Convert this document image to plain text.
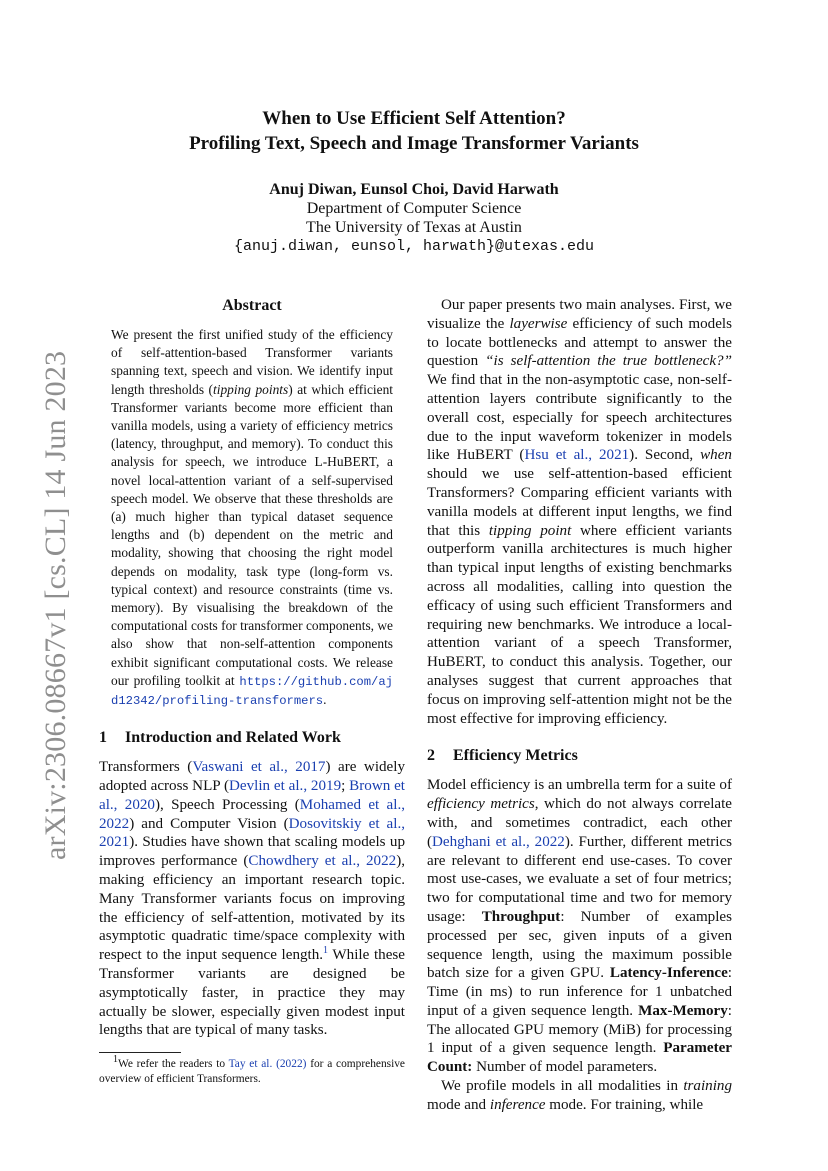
arXiv:2306.08667v1 [cs.CL] 14 Jun 2023
When to Use Efficient Self Attention?
Profiling Text, Speech and Image Transformer Variants
Anuj Diwan, Eunsol Choi, David Harwath
Department of Computer Science
The University of Texas at Austin
{anuj.diwan, eunsol, harwath}@utexas.edu
Abstract

We present the first unified study of the efficiency of self-attention-based Transformer variants spanning text, speech and vision. We identify input length thresholds (tipping points) at which efficient Transformer variants become more efficient than vanilla models, using a variety of efficiency metrics (latency, throughput, and memory). To conduct this analysis for speech, we introduce L-HuBERT, a novel local-attention variant of a self-supervised speech model. We observe that these thresholds are (a) much higher than typical dataset sequence lengths and (b) dependent on the metric and modality, showing that choosing the right model depends on modality, task type (long-form vs. typical context) and resource constraints (time vs. memory). By visualising the breakdown of the computational costs for transformer components, we also show that non-self-attention components exhibit significant computational costs. We release our profiling toolkit at https://github.com/ajd12342/profiling-transformers.

1 Introduction and Related Work

Transformers (Vaswani et al., 2017) are widely adopted across NLP (Devlin et al., 2019; Brown et al., 2020), Speech Processing (Mohamed et al., 2022) and Computer Vision (Dosovitskiy et al., 2021). Studies have shown that scaling models up improves performance (Chowdhery et al., 2022), making efficiency an important research topic. Many Transformer variants focus on improving the efficiency of self-attention, motivated by its asymptotic quadratic time/space complexity with respect to the input sequence length.$^1$ While these Transformer variants are designed be asymptotically faster, in practice they may actually be slower, especially given modest input lengths that are typical of many tasks.

$^1$We refer the readers to Tay et al. (2022) for a comprehensive overview of efficient Transformers.

Our paper presents two main analyses. First, we visualize the layerwise efficiency of such models to locate bottlenecks and attempt to answer the question “is self-attention the true bottleneck?” We find that in the non-asymptotic case, non-self-attention layers contribute significantly to the overall cost, especially for speech architectures due to the input waveform tokenizer in models like HuBERT (Hsu et al., 2021). Second, when should we use self-attention-based efficient Transformers? Comparing efficient variants with vanilla models at different input lengths, we find that this tipping point where efficient variants outperform vanilla architectures is much higher than typical input lengths of existing benchmarks across all modalities, calling into question the efficacy of using such efficient Transformers and requiring new benchmarks. We introduce a local-attention variant of a speech Transformer, HuBERT, to conduct this analysis. Together, our analyses suggest that current approaches that focus on improving self-attention might not be the most effective for improving efficiency.

2 Efficiency Metrics

Model efficiency is an umbrella term for a suite of efficiency metrics, which do not always correlate with, and sometimes contradict, each other (Dehghani et al., 2022). Further, different metrics are relevant to different end use-cases. To cover most use-cases, we evaluate a set of four metrics; two for computational time and two for memory usage: Throughput: Number of examples processed per sec, given inputs of a given sequence length, using the maximum possible batch size for a given GPU. Latency-Inference: Time (in ms) to run inference for 1 unbatched input of a given sequence length. Max-Memory: The allocated GPU memory (MiB) for processing 1 input of a given sequence length. Parameter Count: Number of model parameters.

We profile models in all modalities in training mode and inference mode. For training, while
